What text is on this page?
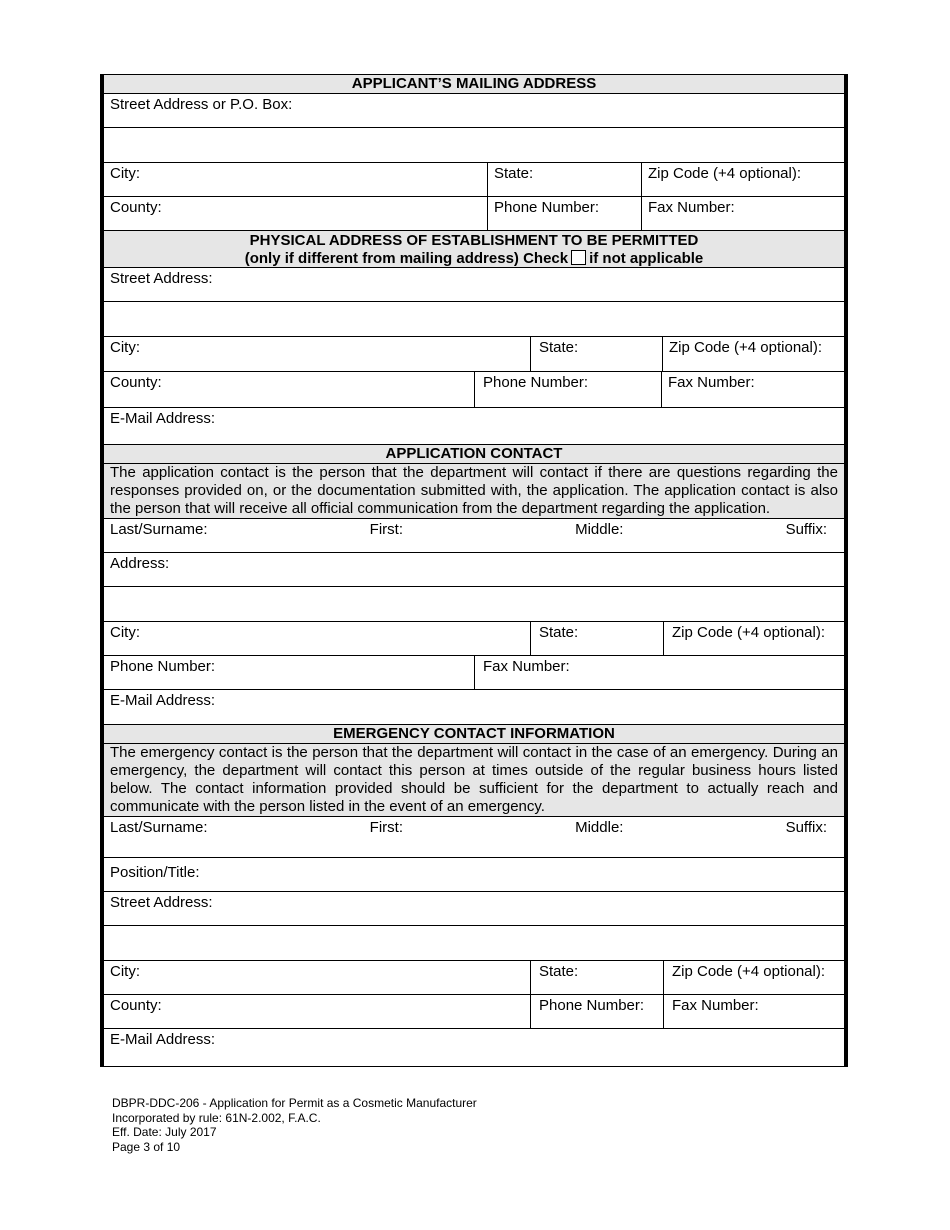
APPLICANT’S MAILING ADDRESS
Street Address or P.O. Box:
City:	State:	Zip Code (+4 optional):
County:	Phone Number:	Fax Number:
PHYSICAL ADDRESS OF ESTABLISHMENT TO BE PERMITTED
(only if different from mailing address) Check if not applicable
Street Address:
City:	State:	Zip Code (+4 optional):
County:	Phone Number:	Fax Number:
E-Mail Address:
APPLICATION CONTACT
The application contact is the person that the department will contact if there are questions regarding the responses provided on, or the documentation submitted with, the application. The application contact is also the person that will receive all official communication from the department regarding the application.
Last/Surname:	First:	Middle:	Suffix:
Address:
City:	State:	Zip Code (+4 optional):
Phone Number:	Fax Number:
E-Mail Address:
EMERGENCY CONTACT INFORMATION
The emergency contact is the person that the department will contact in the case of an emergency. During an emergency, the department will contact this person at times outside of the regular business hours listed below. The contact information provided should be sufficient for the department to actually reach and communicate with the person listed in the event of an emergency.
Last/Surname:	First:	Middle:	Suffix:
Position/Title:
Street Address:
City:	State:	Zip Code (+4 optional):
County:	Phone Number:	Fax Number:
E-Mail Address:
DBPR-DDC-206 - Application for Permit as a Cosmetic Manufacturer
Incorporated by rule: 61N-2.002, F.A.C.
Eff. Date: July 2017
Page 3 of 10
